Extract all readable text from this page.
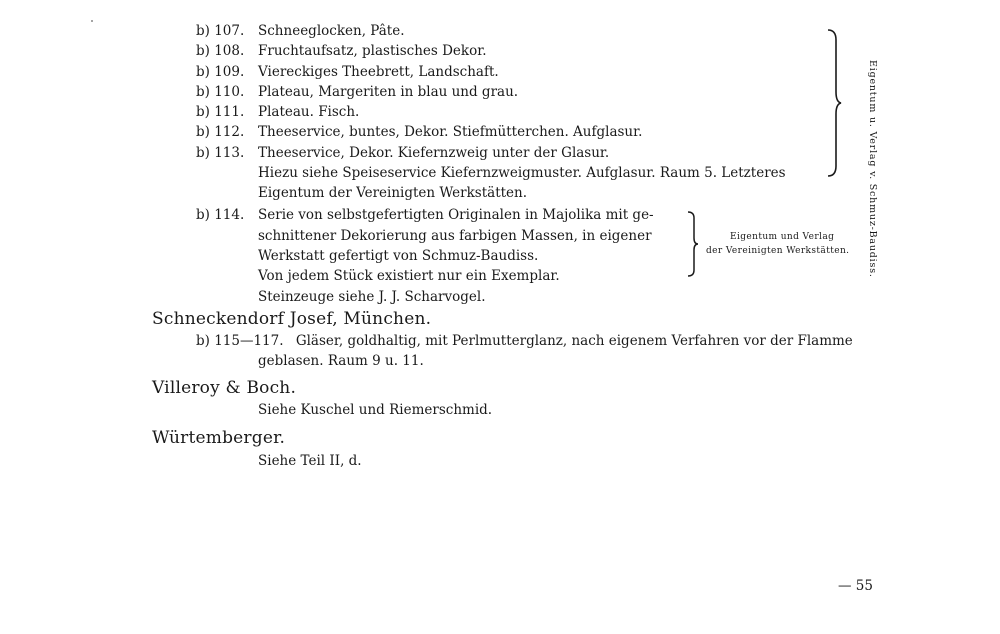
b) 107.	Schneeglocken, Pâte.
b) 108.	Fruchtaufsatz, plastisches Dekor.
b) 109.	Viereckiges Theebrett, Landschaft.
b) 110.	Plateau, Margeriten in blau und grau.
b) 111.	Plateau. Fisch.
b) 112.	Theeservice, buntes, Dekor. Stiefmütterchen. Aufglasur.
b) 113.	Theeservice, Dekor. Kiefernzweig unter der Glasur.
Hiezu siehe Speiseservice Kiefernzweigmuster. Aufglasur. Raum 5. Letzteres
Eigentum der Vereinigten Werkstätten.	Eigentum u. Verlag v. Schmuz-Baudiss.
b) 114.	Serie von selbstgefertigten Originalen in Majolika mit ge-
schnittener Dekorierung aus farbigen Massen, in eigener
Werkstatt gefertigt von Schmuz-Baudiss.
Von jedem Stück existiert nur ein Exemplar.
Steinzeuge siehe J. J. Scharvogel.
Eigentum und Verlag
der Vereinigten Werkstätten.
Schneckendorf Josef, München.
b) 115—117. Gläser, goldhaltig, mit Perlmutterglanz, nach eigenem Verfahren vor der Flamme
geblasen. Raum 9 u. 11.
Villeroy & Boch.
Siehe Kuschel und Riemerschmid.
Würtemberger.
Siehe Teil II, d.
— 55
